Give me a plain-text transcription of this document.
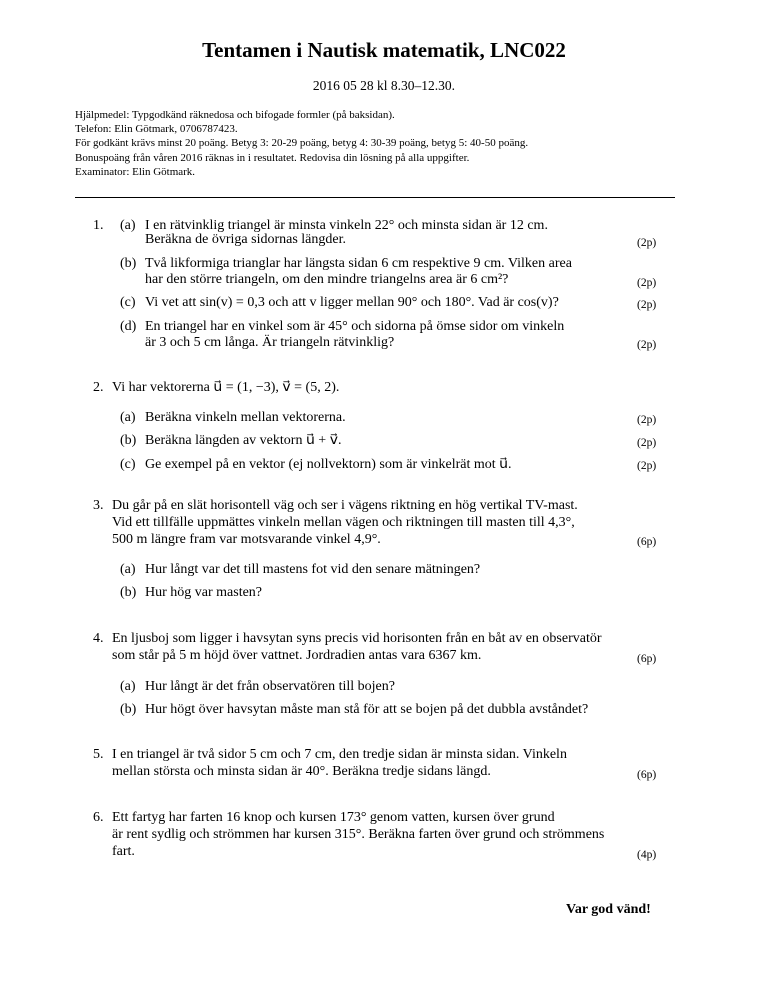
Tentamen i Nautisk matematik, LNC022
2016 05 28 kl 8.30–12.30.
Hjälpmedel: Typgodkänd räknedosa och bifogade formler (på baksidan).
Telefon: Elin Götmark, 0706787423.
För godkänt krävs minst 20 poäng. Betyg 3: 20-29 poäng, betyg 4: 30-39 poäng, betyg 5: 40-50 poäng.
Bonuspoäng från våren 2016 räknas in i resultatet. Redovisa din lösning på alla uppgifter.
Examinator: Elin Götmark.
1. (a) I en rätvinklig triangel är minsta vinkeln 22° och minsta sidan är 12 cm.
Beräkna de övriga sidornas längder.	(2p)
(b) Två likformiga trianglar har längsta sidan 6 cm respektive 9 cm. Vilken area
har den större triangeln, om den mindre triangelns area är 6 cm²?	(2p)
(c) Vi vet att sin(v) = 0,3 och att v ligger mellan 90° och 180°. Vad är cos(v)?	(2p)
(d) En triangel har en vinkel som är 45° och sidorna på ömse sidor om vinkeln
är 3 och 5 cm långa. Är triangeln rätvinklig?	(2p)
2. Vi har vektorerna u⃗ = (1, −3), v⃗ = (5, 2).
(a) Beräkna vinkeln mellan vektorerna.	(2p)
(b) Beräkna längden av vektorn u⃗ + v⃗.	(2p)
(c) Ge exempel på en vektor (ej nollvektorn) som är vinkelrät mot u⃗.	(2p)
3. Du går på en slät horisontell väg och ser i vägens riktning en hög vertikal TV-mast.
Vid ett tillfälle uppmättes vinkeln mellan vägen och riktningen till masten till 4,3°,
500 m längre fram var motsvarande vinkel 4,9°.	(6p)
(a) Hur långt var det till mastens fot vid den senare mätningen?
(b) Hur hög var masten?
4. En ljusboj som ligger i havsytan syns precis vid horisonten från en båt av en observatör
som står på 5 m höjd över vattnet. Jordradien antas vara 6367 km.	(6p)
(a) Hur långt är det från observatören till bojen?
(b) Hur högt över havsytan måste man stå för att se bojen på det dubbla avståndet?
5. I en triangel är två sidor 5 cm och 7 cm, den tredje sidan är minsta sidan. Vinkeln
mellan största och minsta sidan är 40°. Beräkna tredje sidans längd.	(6p)
6. Ett fartyg har farten 16 knop och kursen 173° genom vatten, kursen över grund
är rent sydlig och strömmen har kursen 315°. Beräkna farten över grund och strömmens
fart.	(4p)
Var god vänd!
